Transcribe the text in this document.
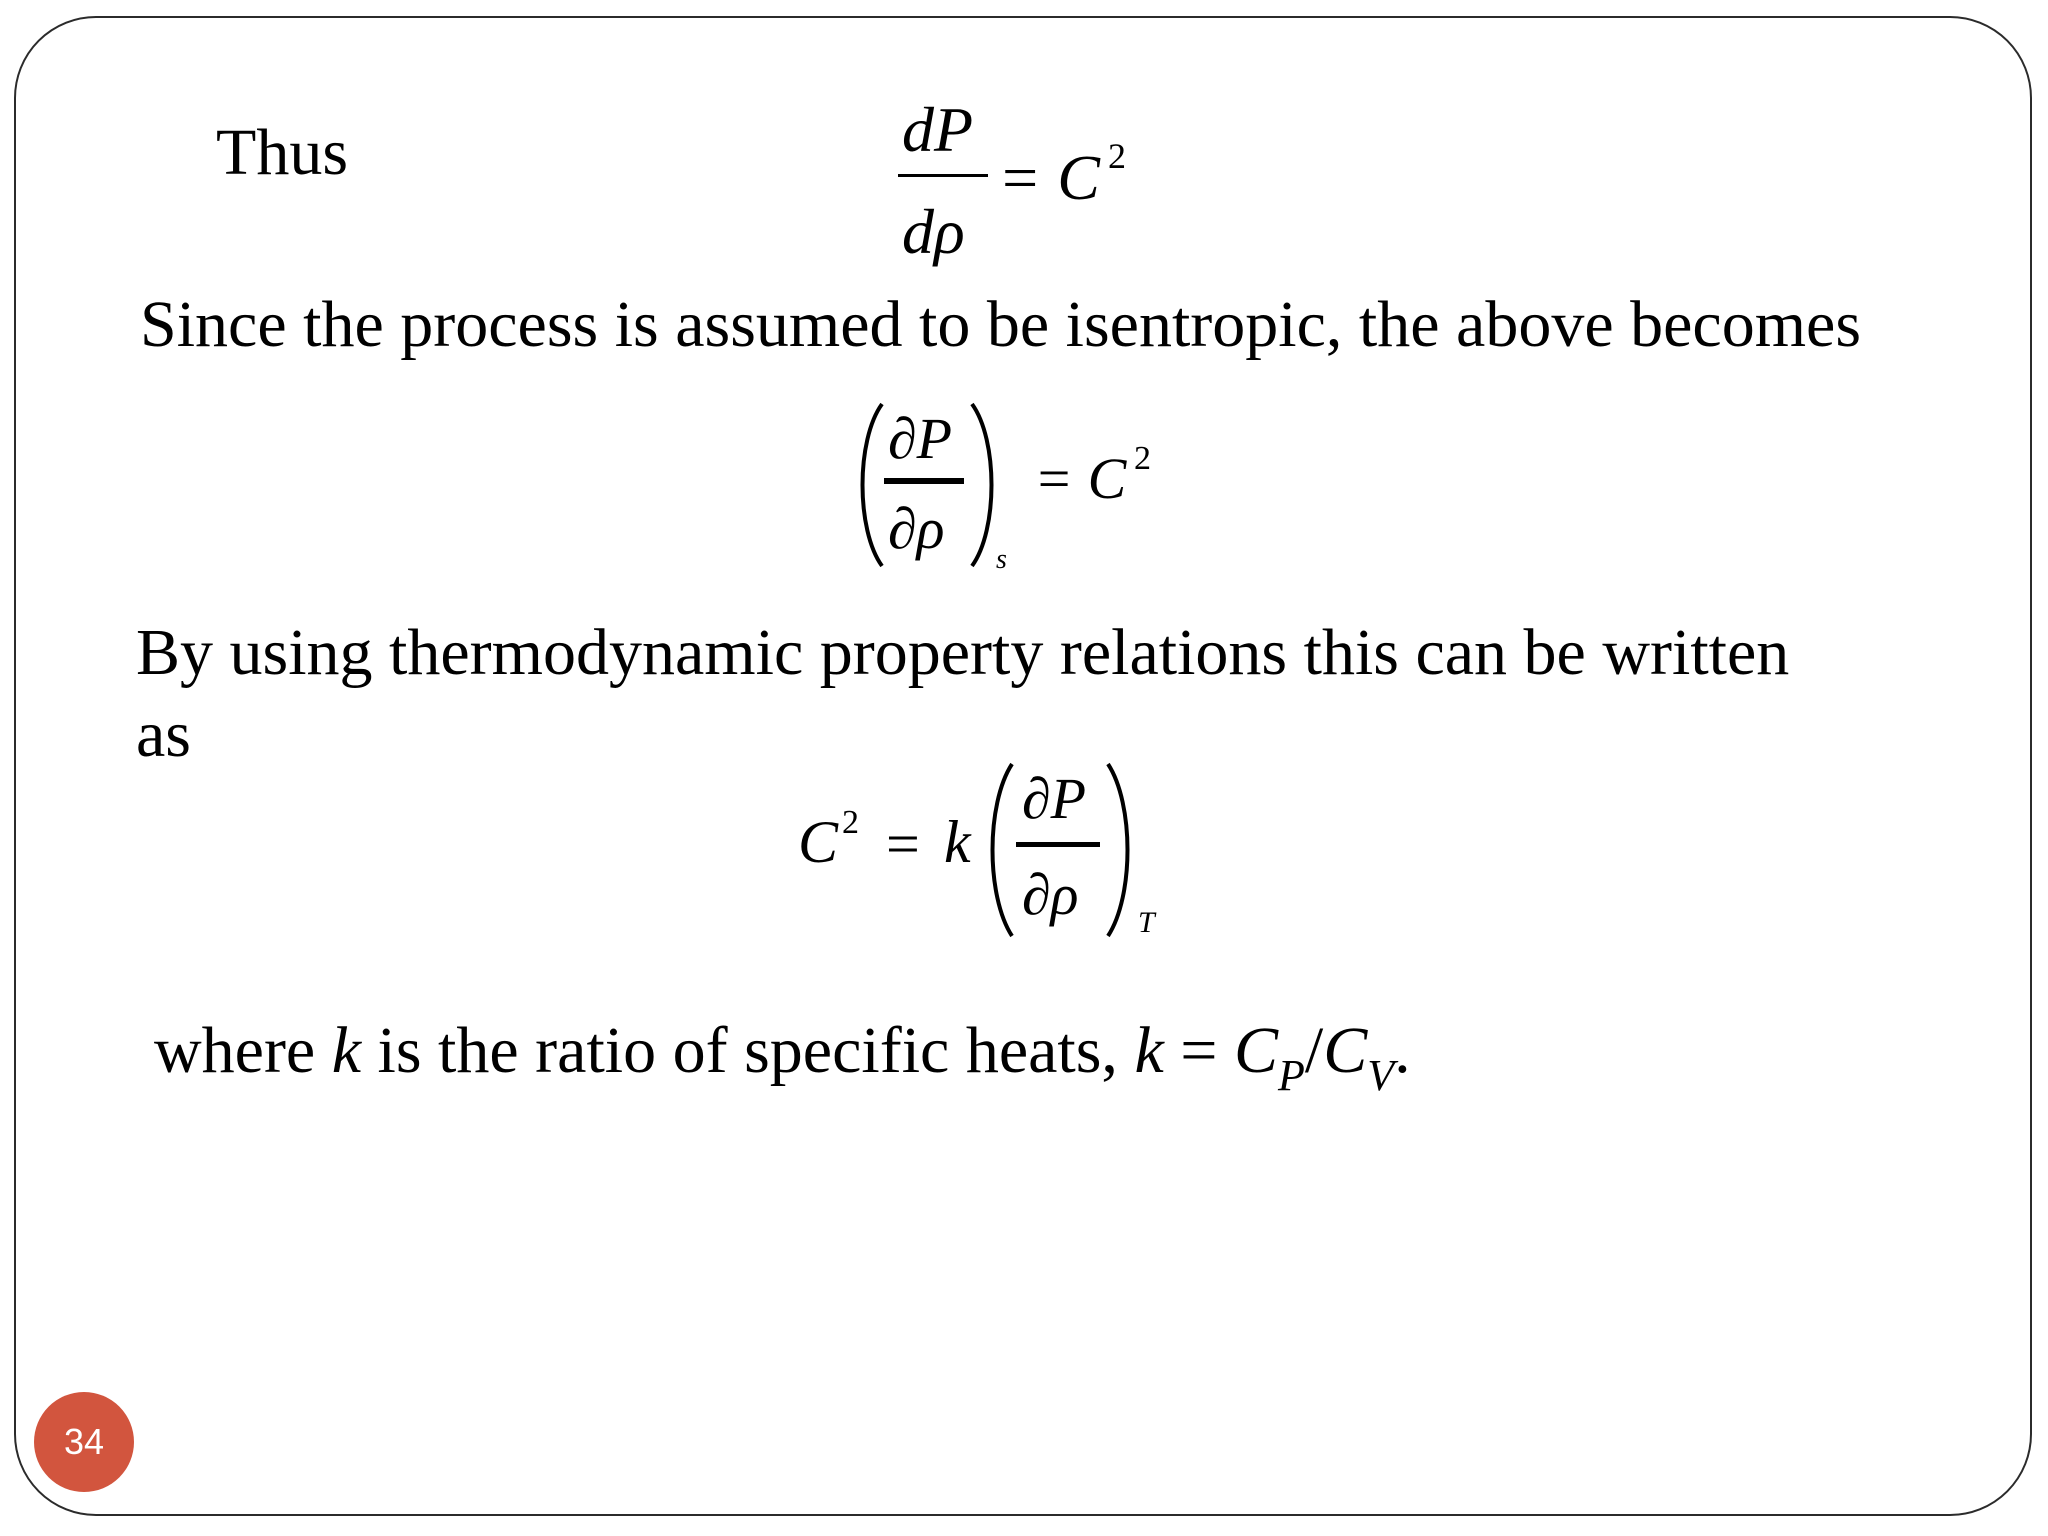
Thus	dP
dρ
= C 2
Since the process is assumed to be isentropic, the above becomes
∂P
∂ρ s
= C 2
By using thermodynamic property relations this can be written
as
C 2 = k
∂P
∂ρ T
where k is the ratio of specific heats, $k = C_P/C_V$.
34
